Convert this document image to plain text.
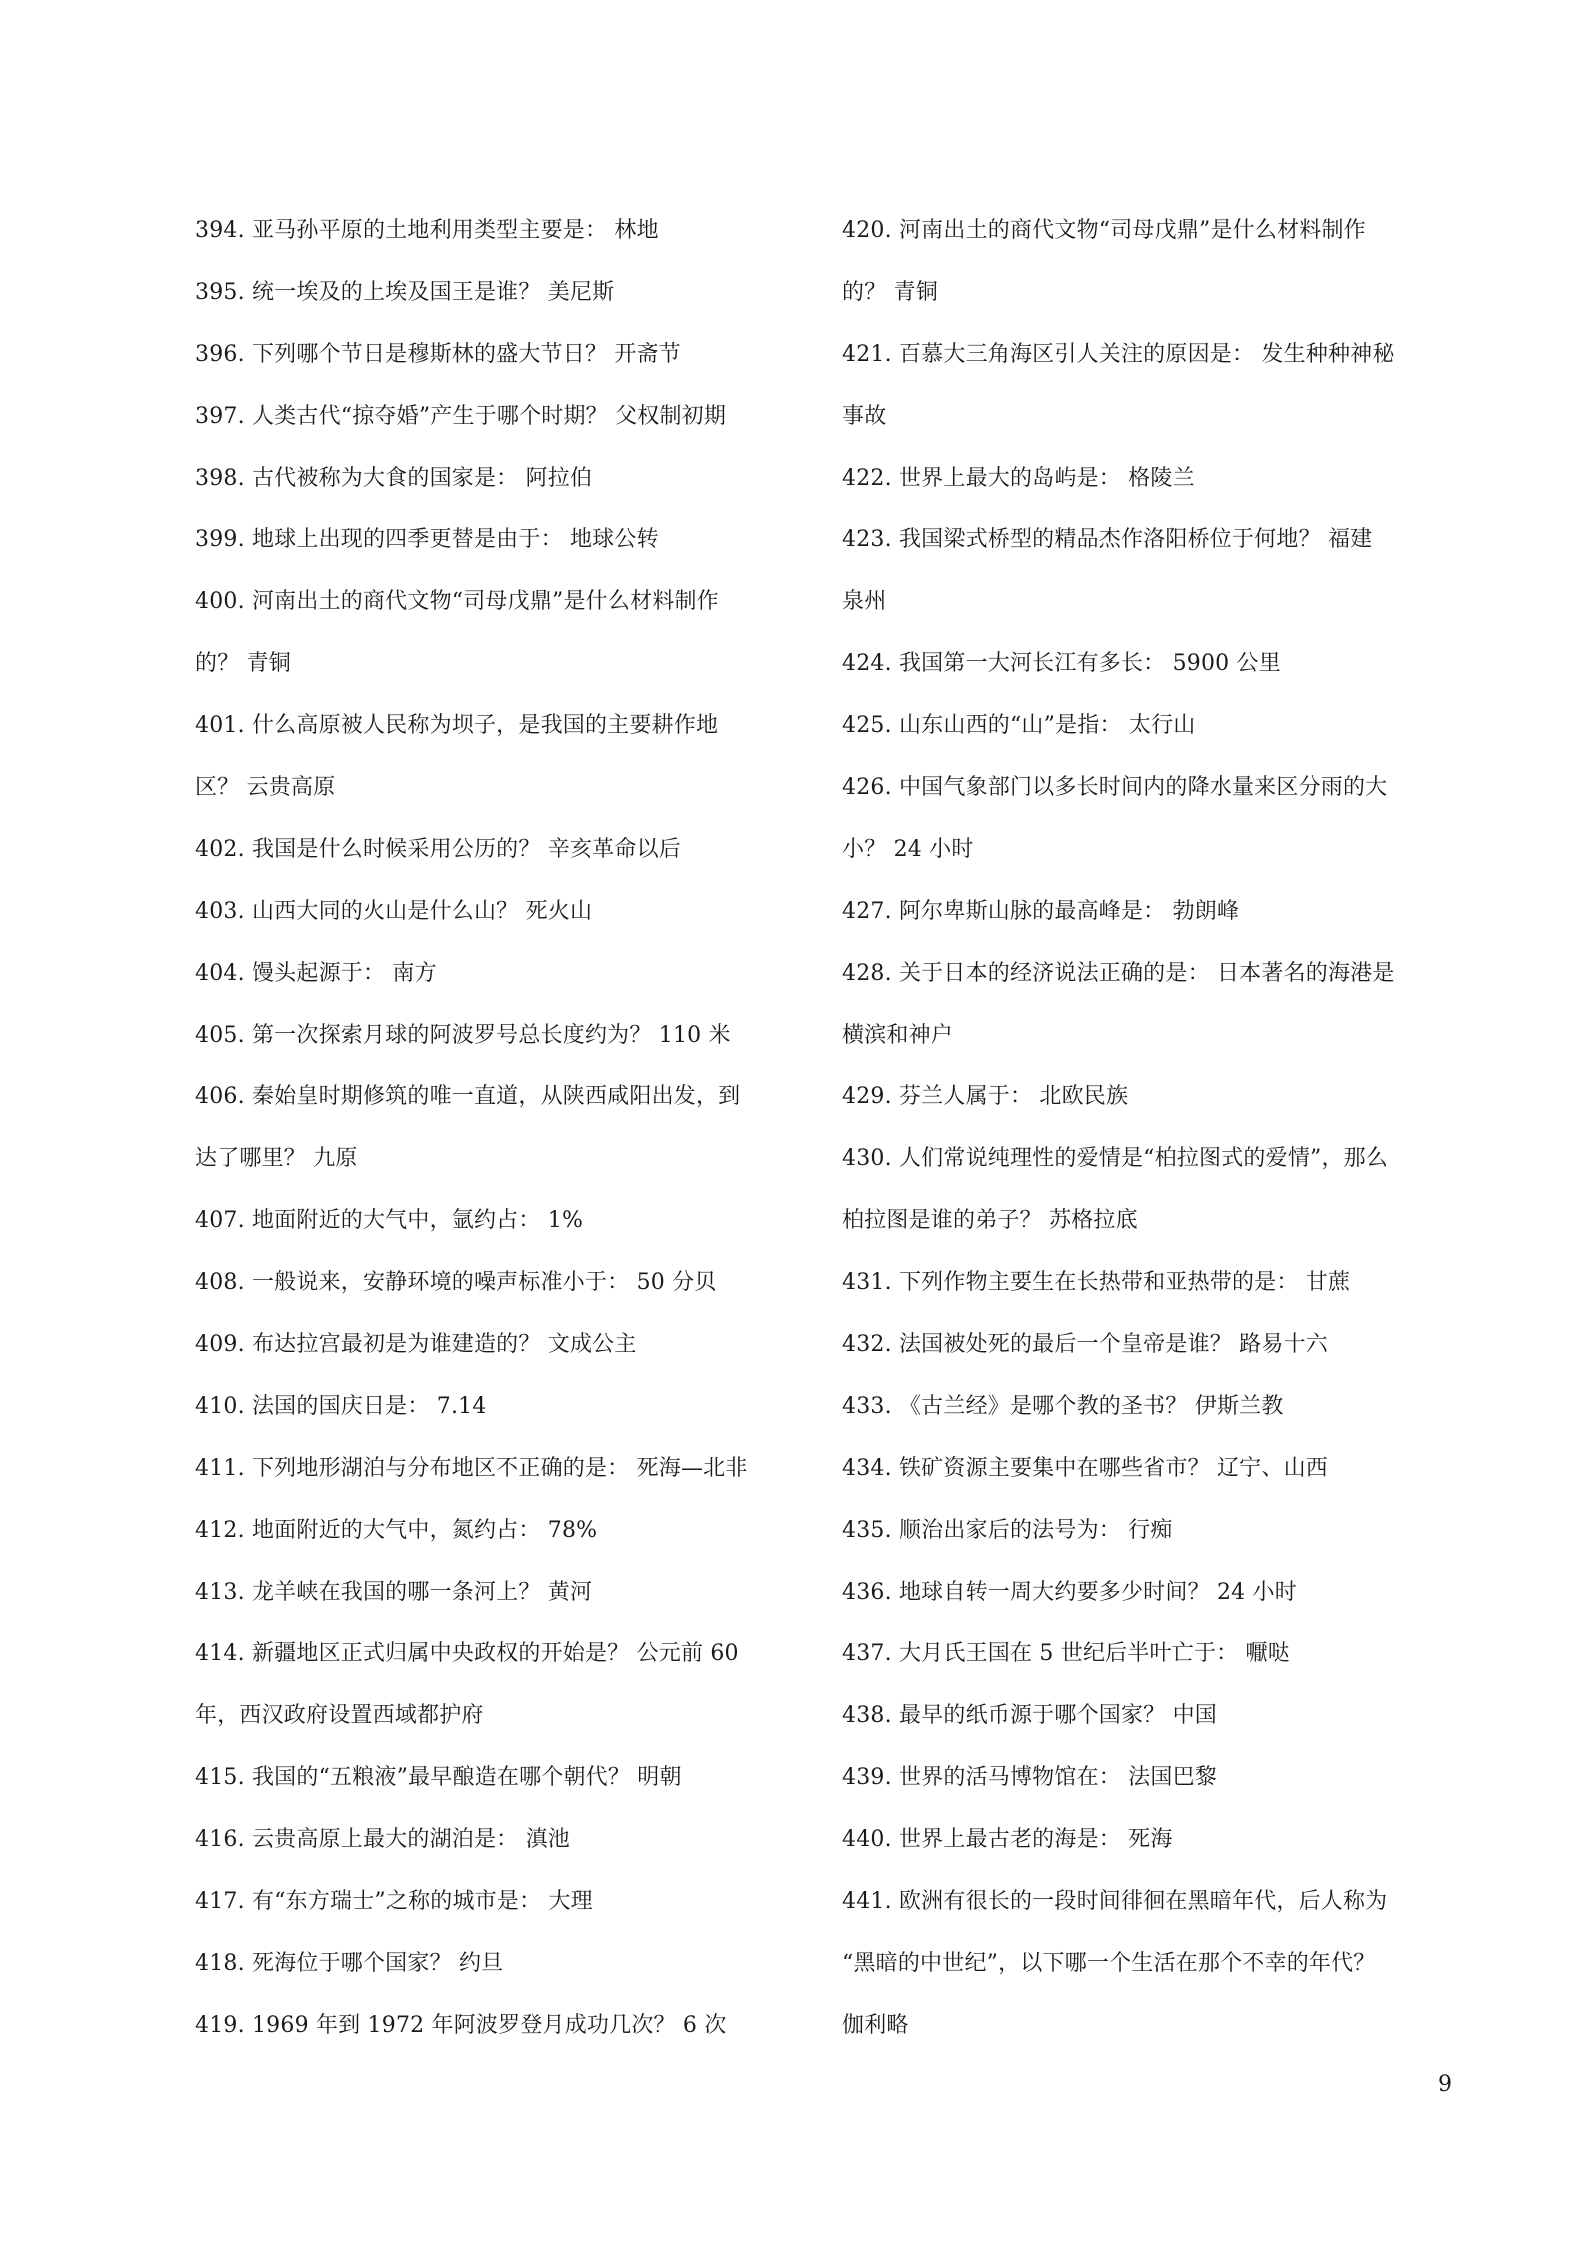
394. 亚马孙平原的土地利用类型主要是： 林地
395. 统一埃及的上埃及国王是谁？ 美尼斯
396. 下列哪个节日是穆斯林的盛大节日？ 开斋节
397. 人类古代“掠夺婚”产生于哪个时期？ 父权制初期
398. 古代被称为大食的国家是： 阿拉伯
399. 地球上出现的四季更替是由于： 地球公转
400. 河南出土的商代文物“司母戊鼎”是什么材料制作
的？ 青铜
401. 什么高原被人民称为坝子，是我国的主要耕作地
区？ 云贵高原
402. 我国是什么时候采用公历的？ 辛亥革命以后
403. 山西大同的火山是什么山？ 死火山
404. 馒头起源于： 南方
405. 第一次探索月球的阿波罗号总长度约为？ 110 米
406. 秦始皇时期修筑的唯一直道，从陕西咸阳出发，到
达了哪里？ 九原
407. 地面附近的大气中，氩约占： 1%
408. 一般说来，安静环境的噪声标准小于： 50 分贝
409. 布达拉宫最初是为谁建造的？ 文成公主
410. 法国的国庆日是： 7.14
411. 下列地形湖泊与分布地区不正确的是： 死海—北非
412. 地面附近的大气中，氮约占： 78%
413. 龙羊峡在我国的哪一条河上？ 黄河
414. 新疆地区正式归属中央政权的开始是？ 公元前 60
年，西汉政府设置西域都护府
415. 我国的“五粮液”最早酿造在哪个朝代？ 明朝
416. 云贵高原上最大的湖泊是： 滇池
417. 有“东方瑞士”之称的城市是： 大理
418. 死海位于哪个国家？ 约旦
419. 1969 年到 1972 年阿波罗登月成功几次？ 6 次
420. 河南出土的商代文物“司母戊鼎”是什么材料制作
的？ 青铜
421. 百慕大三角海区引人关注的原因是： 发生种种神秘
事故
422. 世界上最大的岛屿是： 格陵兰
423. 我国梁式桥型的精品杰作洛阳桥位于何地？ 福建
泉州
424. 我国第一大河长江有多长： 5900 公里
425. 山东山西的“山”是指： 太行山
426. 中国气象部门以多长时间内的降水量来区分雨的大
小？ 24 小时
427. 阿尔卑斯山脉的最高峰是： 勃朗峰
428. 关于日本的经济说法正确的是： 日本著名的海港是
横滨和神户
429. 芬兰人属于： 北欧民族
430. 人们常说纯理性的爱情是“柏拉图式的爱情”，那么
柏拉图是谁的弟子？ 苏格拉底
431. 下列作物主要生在长热带和亚热带的是： 甘蔗
432. 法国被处死的最后一个皇帝是谁？ 路易十六
433. 《古兰经》是哪个教的圣书？ 伊斯兰教
434. 铁矿资源主要集中在哪些省市？ 辽宁、山西
435. 顺治出家后的法号为： 行痴
436. 地球自转一周大约要多少时间？ 24 小时
437. 大月氏王国在 5 世纪后半叶亡于： 嚈哒
438. 最早的纸币源于哪个国家？ 中国
439. 世界的活马博物馆在： 法国巴黎
440. 世界上最古老的海是： 死海
441. 欧洲有很长的一段时间徘徊在黑暗年代，后人称为
“黑暗的中世纪”，以下哪一个生活在那个不幸的年代？
伽利略
9
